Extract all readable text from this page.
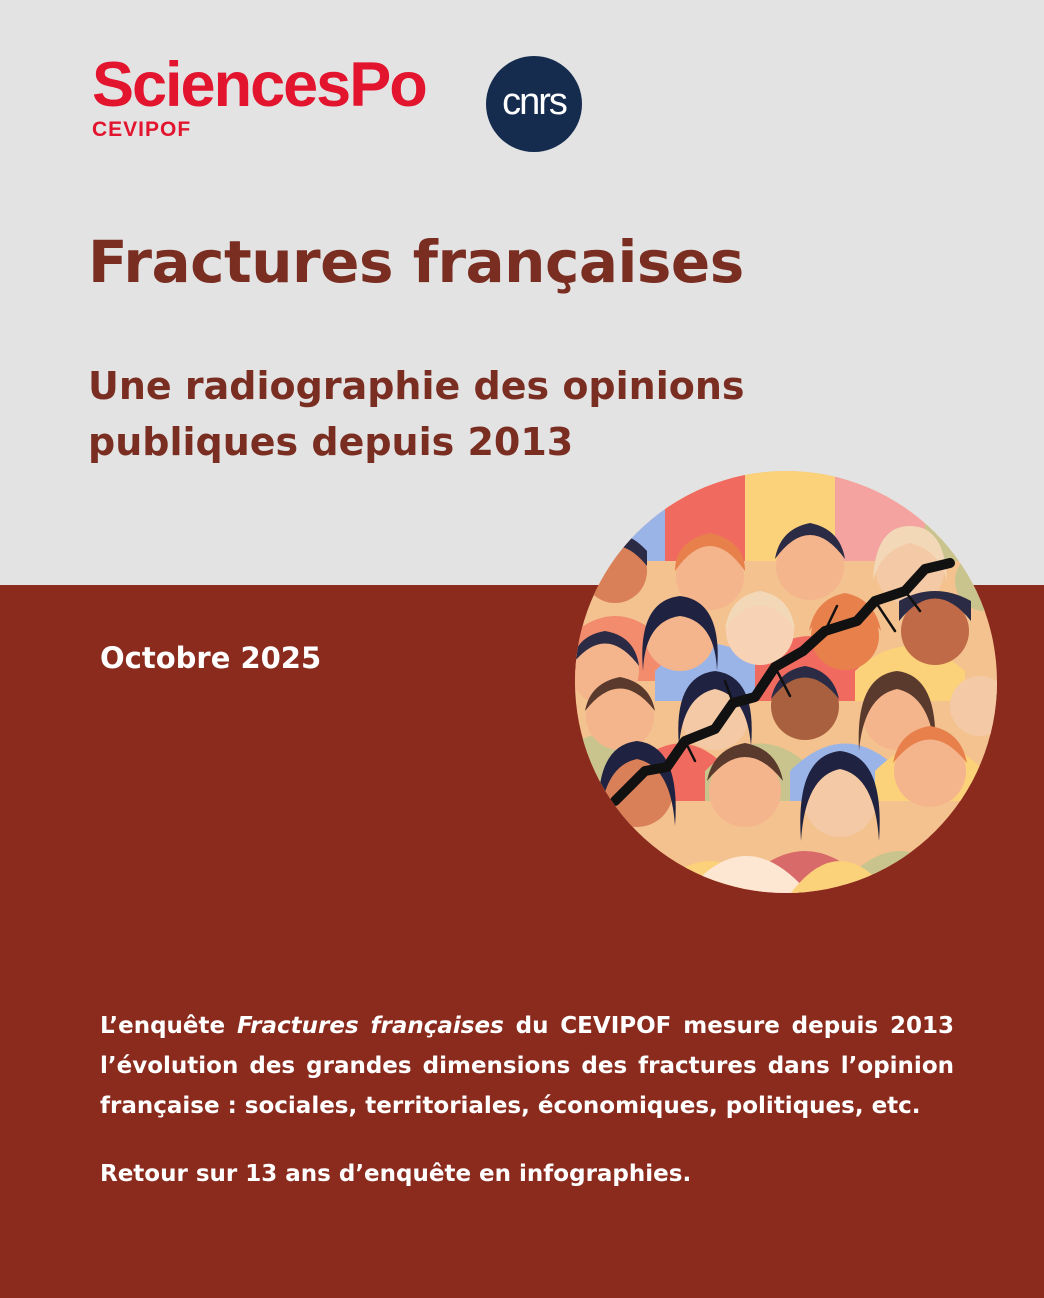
SciencesPo
CEVIPOF
cnrs
Fractures françaises
Une radiographie des opinions publiques depuis 2013
Octobre 2025

L’enquête Fractures françaises du CEVIPOF mesure depuis 2013 l’évolution des grandes dimensions des fractures dans l’opinion française : sociales, territoriales, économiques, politiques, etc.

Retour sur 13 ans d’enquête en infographies.
